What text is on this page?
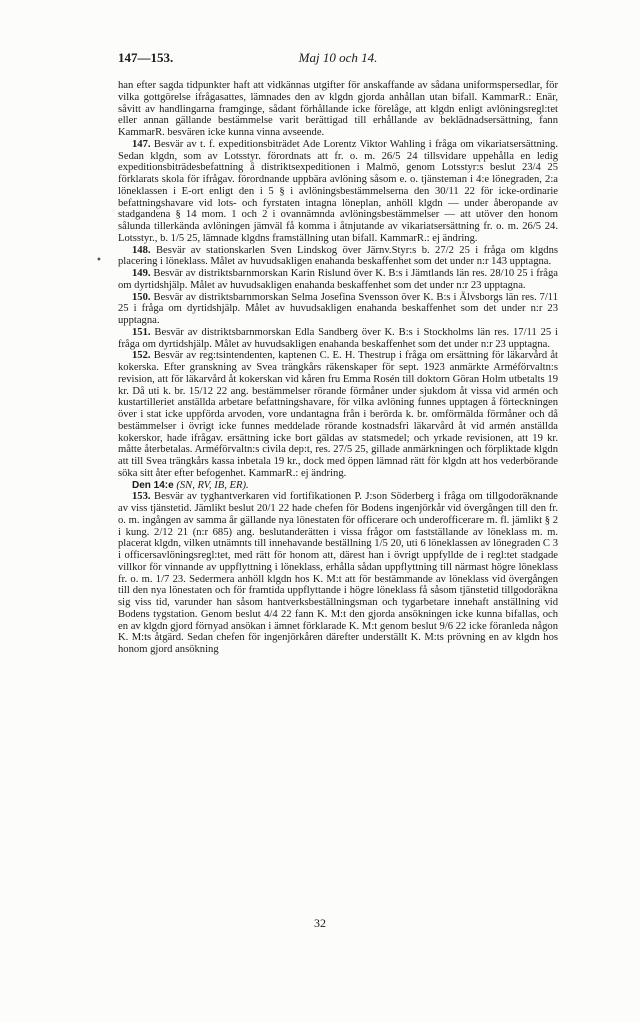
147—153.	Maj 10 och 14.
•

han efter sagda tidpunkter haft att vidkännas utgifter för anskaffande av sådana uniformspersedlar, för vilka gottgörelse ifrågasattes, lämnades den av klgdn gjorda anhållan utan bifall. KammarR.: Enär, såvitt av handlingarna framginge, sådant förhållande icke förelåge, att klgdn enligt avlöningsregl:tet eller annan gällande bestämmelse varit berättigad till erhållande av beklädnadsersättning, fann KammarR. besvären icke kunna vinna avseende.

147. Besvär av t. f. expeditionsbiträdet Ade Lorentz Viktor Wahling i fråga om vikariatsersättning. Sedan klgdn, som av Lotsstyr. förordnats att fr. o. m. 26/5 24 tillsvidare uppehålla en ledig expeditionsbiträdesbefattning å distriktsexpeditionen i Malmö, genom Lotsstyr:s beslut 23/4 25 förklarats skola för ifrågav. förordnande uppbära avlöning såsom e. o. tjänsteman i 4:e lönegraden, 2:a löneklassen i E-ort enligt den i 5 § i avlöningsbestämmelserna den 30/11 22 för icke-ordinarie befattningshavare vid lots- och fyrstaten intagna löneplan, anhöll klgdn — under åberopande av stadgandena § 14 mom. 1 och 2 i ovannämnda avlöningsbestämmelser — att utöver den honom sålunda tillerkända avlöningen jämväl få komma i åtnjutande av vikariatsersättning fr. o. m. 26/5 24. Lotsstyr., b. 1/5 25, lämnade klgdns framställning utan bifall. KammarR.: ej ändring.

148. Besvär av stationskarlen Sven Lindskog över Järnv.Styr:s b. 27/2 25 i fråga om klgdns placering i löneklass. Målet av huvudsakligen enahanda beskaffenhet som det under n:r 143 upptagna.

149. Besvär av distriktsbarnmorskan Karin Rislund över K. B:s i Jämtlands län res. 28/10 25 i fråga om dyrtidshjälp. Målet av huvudsakligen enahanda beskaffenhet som det under n:r 23 upptagna.

150. Besvär av distriktsbarnmorskan Selma Josefina Svensson över K. B:s i Älvsborgs län res. 7/11 25 i fråga om dyrtidshjälp. Målet av huvudsakligen enahanda beskaffenhet som det under n:r 23 upptagna.

151. Besvär av distriktsbarnmorskan Edla Sandberg över K. B:s i Stockholms län res. 17/11 25 i fråga om dyrtidshjälp. Målet av huvudsakligen enahanda beskaffenhet som det under n:r 23 upptagna.

152. Besvär av reg:tsintendenten, kaptenen C. E. H. Thestrup i fråga om ersättning för läkarvård åt kokerska. Efter granskning av Svea trängkårs räkenskaper för sept. 1923 anmärkte Arméförvaltn:s revision, att för läkarvård åt kokerskan vid kåren fru Emma Rosén till doktorn Göran Holm utbetalts 19 kr. Då uti k. br. 15/12 22 ang. bestämmelser rörande förmåner under sjukdom åt vissa vid armén och kustartilleriet anställda arbetare befattningshavare, för vilka avlöning funnes upptagen å förteckningen över i stat icke uppförda arvoden, vore undantagna från i berörda k. br. omförmälda förmåner och då bestämmelser i övrigt icke funnes meddelade rörande kostnadsfri läkarvård åt vid armén anställda kokerskor, hade ifrågav. ersättning icke bort gäldas av statsmedel; och yrkade revisionen, att 19 kr. måtte återbetalas. Arméförvaltn:s civila dep:t, res. 27/5 25, gillade anmärkningen och förpliktade klgdn att till Svea trängkårs kassa inbetala 19 kr., dock med öppen lämnad rätt för klgdn att hos vederbörande söka sitt åter efter befogenhet. KammarR.: ej ändring.

Den 14:e (SN, RV, IB, ER).

153. Besvär av tyghantverkaren vid fortifikationen P. J:son Söderberg i fråga om tillgodoräknande av viss tjänstetid. Jämlikt beslut 20/1 22 hade chefen för Bodens ingenjörkår vid övergången till den fr. o. m. ingången av samma år gällande nya lönestaten för officerare och underofficerare m. fl. jämlikt § 2 i kung. 2/12 21 (n:r 685) ang. beslutanderätten i vissa frågor om fastställande av löneklass m. m. placerat klgdn, vilken utnämnts till innehavande beställning 1/5 20, uti 6 löneklassen av lönegraden C 3 i officersavlöningsregl:tet, med rätt för honom att, därest han i övrigt uppfyllde de i regl:tet stadgade villkor för vinnande av uppflyttning i löneklass, erhålla sådan uppflyttning till närmast högre löneklass fr. o. m. 1/7 23. Sedermera anhöll klgdn hos K. M:t att för bestämmande av löneklass vid övergången till den nya lönestaten och för framtida uppflyttande i högre löneklass få såsom tjänstetid tillgodoräkna sig viss tid, varunder han såsom hantverksbeställningsman och tygarbetare innehaft anställning vid Bodens tygstation. Genom beslut 4/4 22 fann K. M:t den gjorda ansökningen icke kunna bifallas, och en av klgdn gjord förnyad ansökan i ämnet förklarade K. M:t genom beslut 9/6 22 icke föranleda någon K. M:ts åtgärd. Sedan chefen för ingenjörkåren därefter underställt K. M:ts prövning en av klgdn hos honom gjord ansökning

32
